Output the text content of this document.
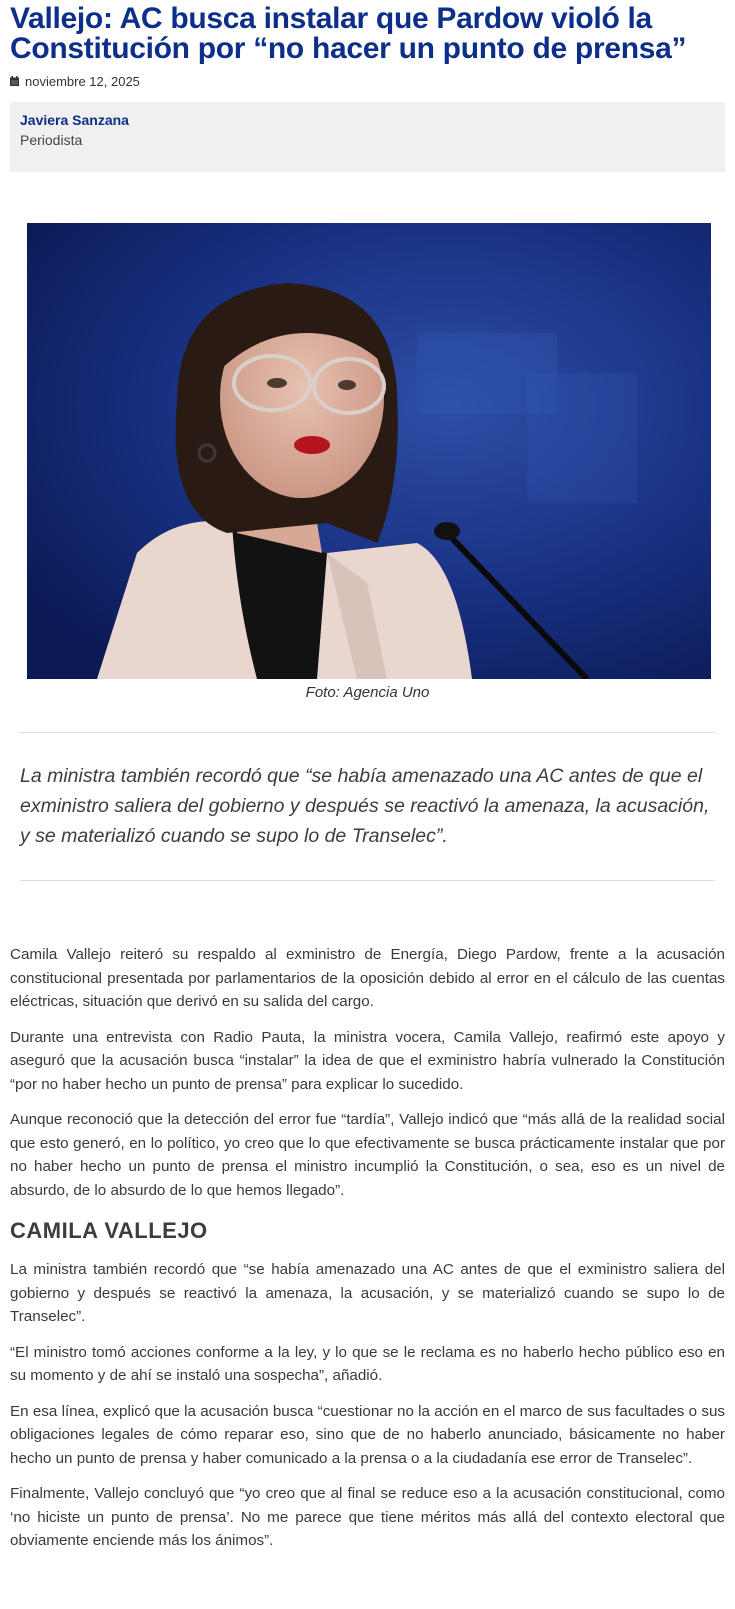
Vallejo: AC busca instalar que Pardow violó la Constitución por “no hacer un punto de prensa”
noviembre 12, 2025
Javiera Sanzana
Periodista
Foto: Agencia Uno

La ministra también recordó que “se había amenazado una AC antes de que el exministro saliera del gobierno y después se reactivó la amenaza, la acusación, y se materializó cuando se supo lo de Transelec”.

Camila Vallejo reiteró su respaldo al exministro de Energía, Diego Pardow, frente a la acusación constitucional presentada por parlamentarios de la oposición debido al error en el cálculo de las cuentas eléctricas, situación que derivó en su salida del cargo.

Durante una entrevista con Radio Pauta, la ministra vocera, Camila Vallejo, reafirmó este apoyo y aseguró que la acusación busca “instalar” la idea de que el exministro habría vulnerado la Constitución “por no haber hecho un punto de prensa” para explicar lo sucedido.

Aunque reconoció que la detección del error fue “tardía”, Vallejo indicó que “más allá de la realidad social que esto generó, en lo político, yo creo que lo que efectivamente se busca prácticamente instalar que por no haber hecho un punto de prensa el ministro incumplió la Constitución, o sea, eso es un nivel de absurdo, de lo absurdo de lo que hemos llegado”.

CAMILA VALLEJO

La ministra también recordó que “se había amenazado una AC antes de que el exministro saliera del gobierno y después se reactivó la amenaza, la acusación, y se materializó cuando se supo lo de Transelec”.

“El ministro tomó acciones conforme a la ley, y lo que se le reclama es no haberlo hecho público eso en su momento y de ahí se instaló una sospecha”, añadió.

En esa línea, explicó que la acusación busca “cuestionar no la acción en el marco de sus facultades o sus obligaciones legales de cómo reparar eso, sino que de no haberlo anunciado, básicamente no haber hecho un punto de prensa y haber comunicado a la prensa o a la ciudadanía ese error de Transelec”.

Finalmente, Vallejo concluyó que “yo creo que al final se reduce eso a la acusación constitucional, como ‘no hiciste un punto de prensa’. No me parece que tiene méritos más allá del contexto electoral que obviamente enciende más los ánimos”.
